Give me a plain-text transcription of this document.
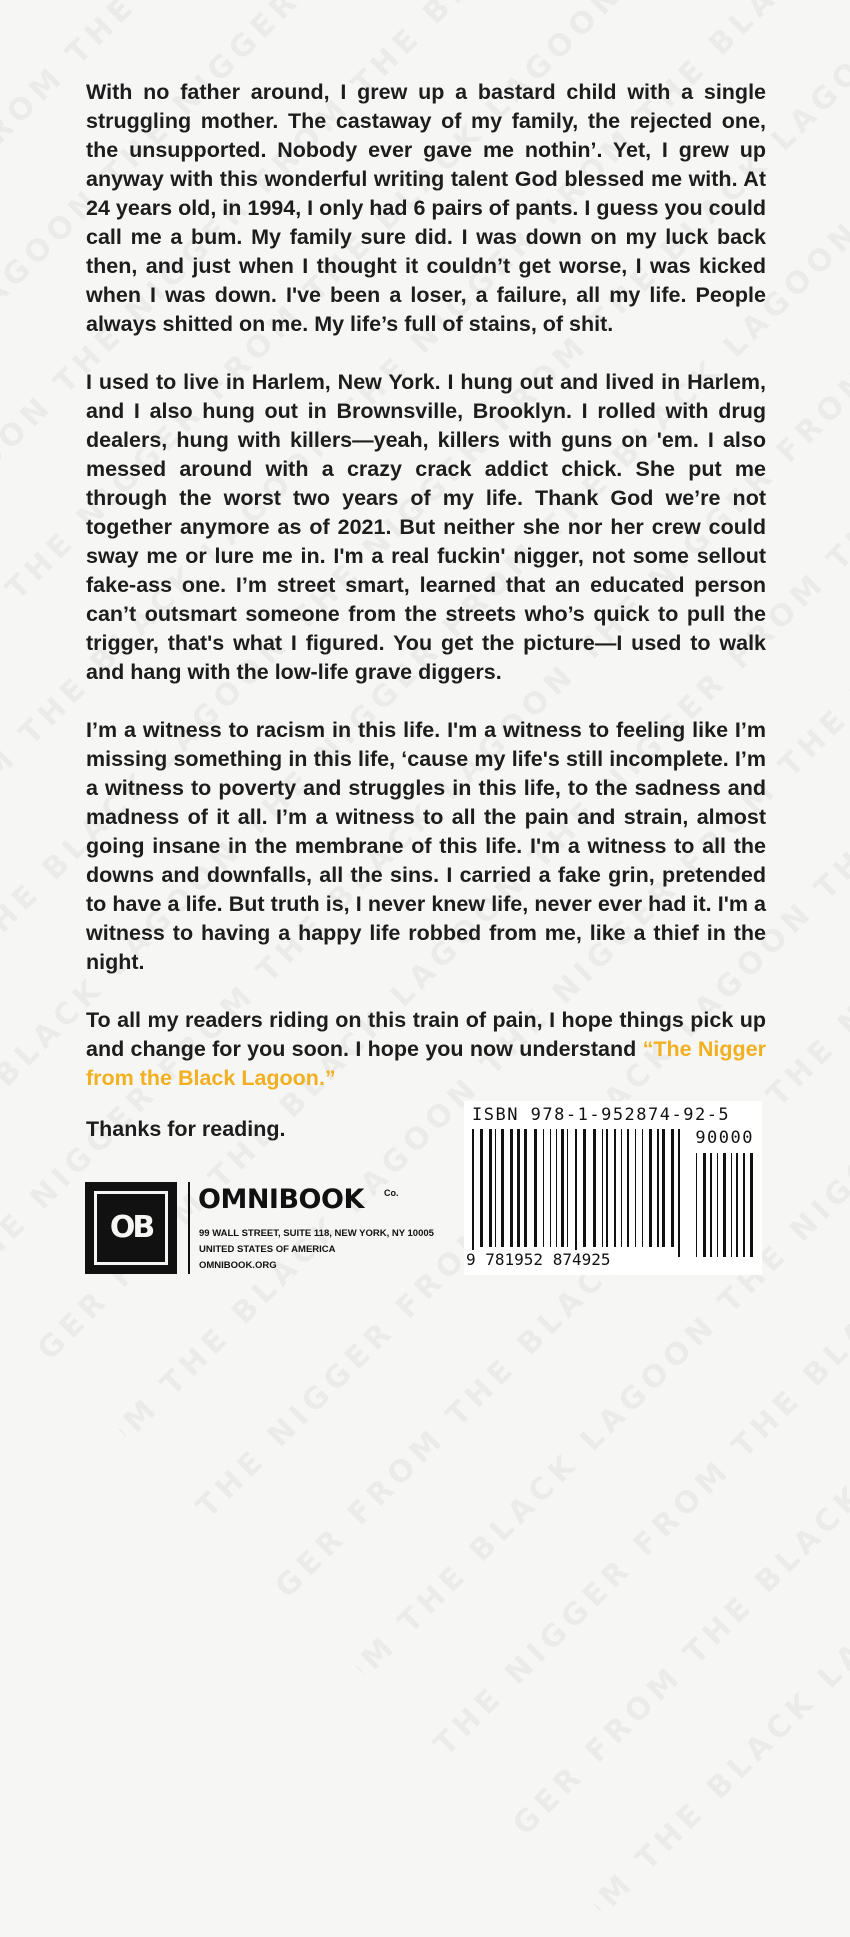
With no father around, I grew up a bastard child with a single struggling mother. The castaway of my family, the rejected one, the unsupported. Nobody ever gave me nothin’. Yet, I grew up anyway with this wonderful writing talent God blessed me with. At 24 years old, in 1994, I only had 6 pairs of pants. I guess you could call me a bum. My family sure did. I was down on my luck back then, and just when I thought it couldn’t get worse, I was kicked when I was down. I've been a loser, a failure, all my life. People always shitted on me. My life’s full of stains, of shit.

I used to live in Harlem, New York. I hung out and lived in Harlem, and I also hung out in Brownsville, Brooklyn. I rolled with drug dealers, hung with killers—yeah, killers with guns on 'em. I also messed around with a crazy crack addict chick. She put me through the worst two years of my life. Thank God we’re not together anymore as of 2021. But neither she nor her crew could sway me or lure me in. I'm a real fuckin' nigger, not some sellout fake-ass one. I’m street smart, learned that an educated person can’t outsmart someone from the streets who’s quick to pull the trigger, that's what I figured. You get the picture—I used to walk and hang with the low-life grave diggers.

I’m a witness to racism in this life. I'm a witness to feeling like I’m missing something in this life, ‘cause my life's still incomplete. I’m a witness to poverty and struggles in this life, to the sadness and madness of it all. I’m a witness to all the pain and strain, almost going insane in the membrane of this life. I'm a witness to all the downs and downfalls, all the sins. I carried a fake grin, pretended to have a life. But truth is, I never knew life, never ever had it. I'm a witness to having a happy life robbed from me, like a thief in the night.

To all my readers riding on this train of pain, I hope things pick up and change for you soon. I hope you now understand “The Nigger from the Black Lagoon.”

Thanks for reading.
OB
OMNIBOOK Co.
99 WALL STREET, SUITE 118, NEW YORK, NY 10005
UNITED STATES OF AMERICA
OMNIBOOK.ORG
ISBN 978-1-952874-92-5
90000
9 781952 874925
